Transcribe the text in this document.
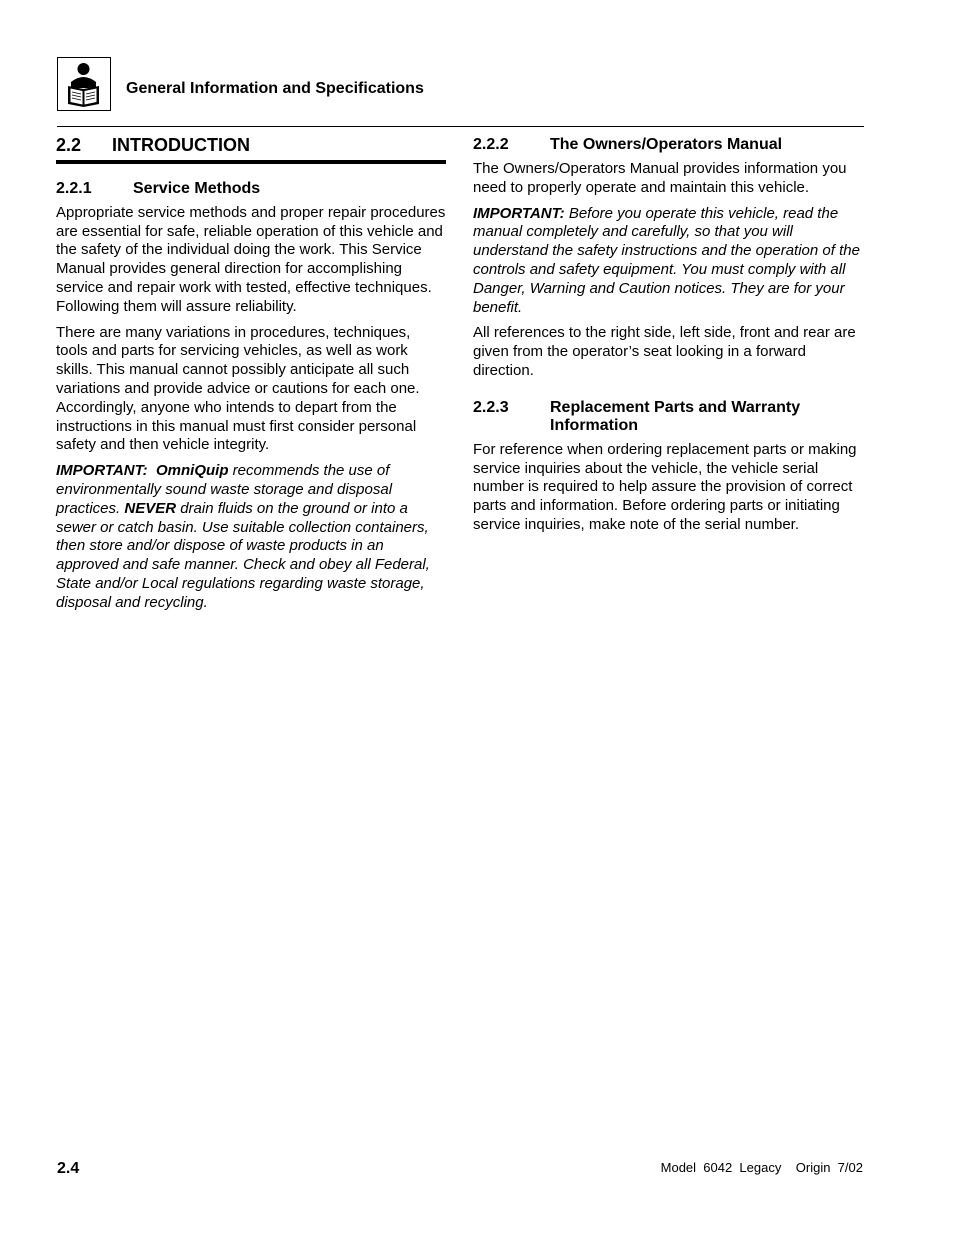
General Information and Specifications
2.2	INTRODUCTION
2.2.1	Service Methods

Appropriate service methods and proper repair procedures are essential for safe, reliable operation of this vehicle and the safety of the individual doing the work. This Service Manual provides general direction for accomplishing service and repair work with tested, effective techniques. Following them will assure reliability.

There are many variations in procedures, techniques, tools and parts for servicing vehicles, as well as work skills. This manual cannot possibly anticipate all such variations and provide advice or cautions for each one. Accordingly, anyone who intends to depart from the instructions in this manual must first consider personal safety and then vehicle integrity.

IMPORTANT: OmniQuip recommends the use of environmentally sound waste storage and disposal practices. NEVER drain fluids on the ground or into a sewer or catch basin. Use suitable collection containers, then store and/or dispose of waste products in an approved and safe manner. Check and obey all Federal, State and/or Local regulations regarding waste storage, disposal and recycling.

2.2.2	The Owners/Operators Manual

The Owners/Operators Manual provides information you need to properly operate and maintain this vehicle.

IMPORTANT: Before you operate this vehicle, read the manual completely and carefully, so that you will understand the safety instructions and the operation of the controls and safety equipment. You must comply with all Danger, Warning and Caution notices. They are for your benefit.

All references to the right side, left side, front and rear are given from the operator’s seat looking in a forward direction.

2.2.3	Replacement Parts and Warranty Information

For reference when ordering replacement parts or making service inquiries about the vehicle, the vehicle serial number is required to help assure the provision of correct parts and information. Before ordering parts or initiating service inquiries, make note of the serial number.

2.4	Model  6042  Legacy    Origin  7/02
